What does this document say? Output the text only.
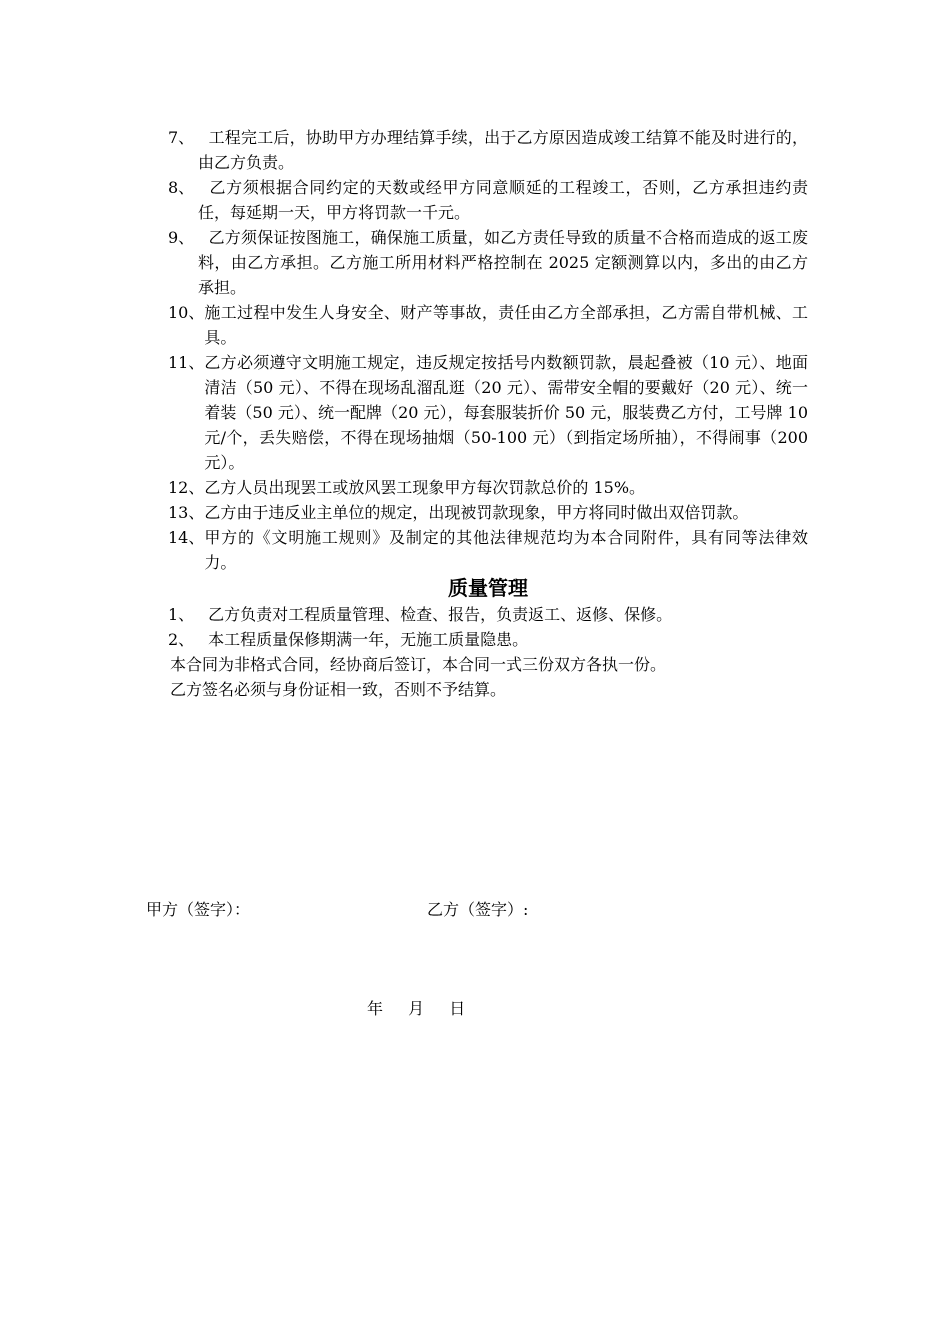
7、 工程完工后，协助甲方办理结算手续，出于乙方原因造成竣工结算不能及时进行的，由乙方负责。
8、 乙方须根据合同约定的天数或经甲方同意顺延的工程竣工，否则，乙方承担违约责任，每延期一天，甲方将罚款一千元。
9、 乙方须保证按图施工，确保施工质量，如乙方责任导致的质量不合格而造成的返工废料，由乙方承担。乙方施工所用材料严格控制在 2025 定额测算以内，多出的由乙方承担。
10、 施工过程中发生人身安全、财产等事故，责任由乙方全部承担，乙方需自带机械、工具。
11、 乙方必须遵守文明施工规定，违反规定按括号内数额罚款，晨起叠被（10 元）、地面清洁（50 元）、不得在现场乱溜乱逛（20 元）、需带安全帽的要戴好（20 元）、统一着装（50 元）、统一配牌（20 元），每套服装折价 50 元，服装费乙方付，工号牌 10 元/个，丢失赔偿，不得在现场抽烟（50-100 元）（到指定场所抽），不得闹事（200 元）。
12、 乙方人员出现罢工或放风罢工现象甲方每次罚款总价的 15%。
13、 乙方由于违反业主单位的规定，出现被罚款现象，甲方将同时做出双倍罚款。
14、 甲方的《文明施工规则》及制定的其他法律规范均为本合同附件，具有同等法律效力。
质量管理
1、 乙方负责对工程质量管理、检查、报告，负责返工、返修、保修。
2、 本工程质量保修期满一年，无施工质量隐患。

本合同为非格式合同，经协商后签订，本合同一式三份双方各执一份。

乙方签名必须与身份证相一致，否则不予结算。

甲方（签字）：	乙方（签字）:
年 月 日
